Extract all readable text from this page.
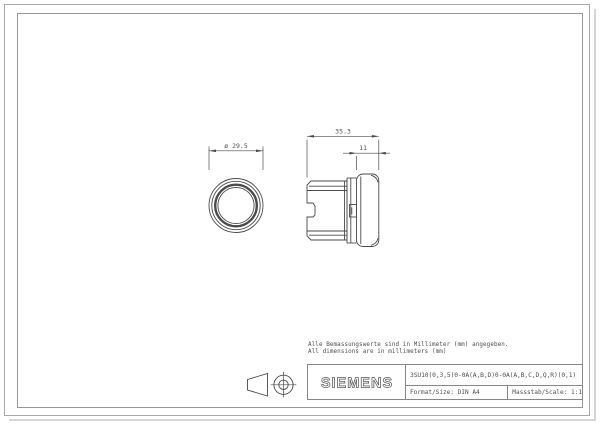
ø 29.5
35.3
11
Alle Bemassungswerte sind in Millimeter (mm) angegeben.
All dimensions are in millimeters (mm)
SIEMENS	3SU10(0,3,5)0-0A(A,B,D)0-0A(A,B,C,D,Q,R)(0,1)
Format/Size: DIN A4	Massstab/Scale: 1:1
